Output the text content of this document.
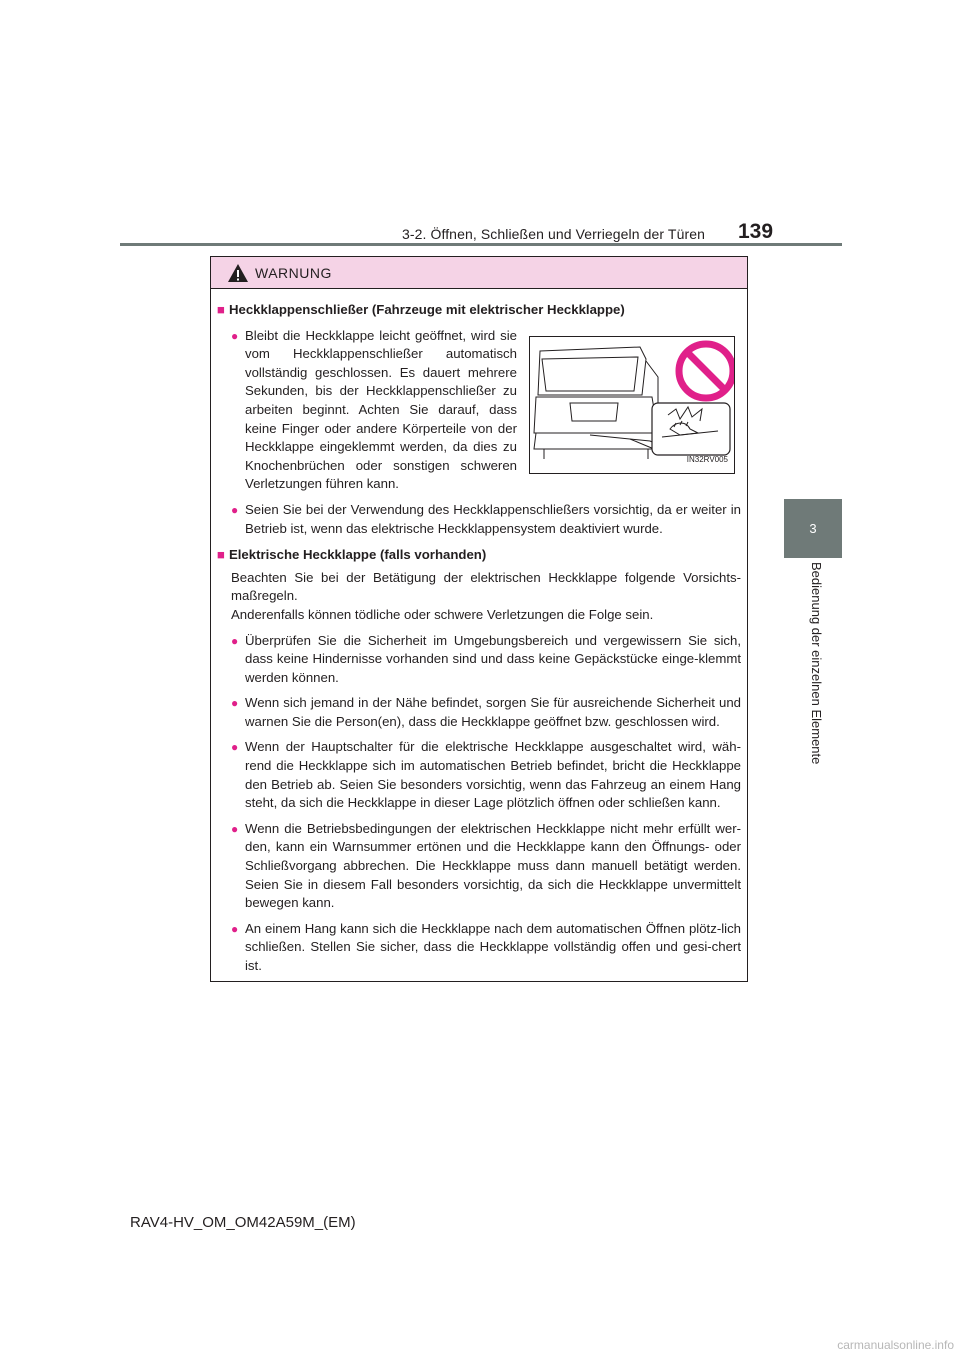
3-2. Öffnen, Schließen und Verriegeln der Türen 139
3
Bedienung der einzelnen Elemente
WARNUNG
■ Heckklappenschließer (Fahrzeuge mit elektrischer Heckklappe)
● Bleibt die Heckklappe leicht geöffnet, wird sie vom Heckklappenschließer automatisch vollständig geschlossen. Es dauert mehrere Sekunden, bis der Heckklappenschließer zu arbeiten beginnt. Achten Sie darauf, dass keine Finger oder andere Körperteile von der Heckklappe eingeklemmt werden, da dies zu Knochenbrüchen oder sonstigen schweren Verletzungen führen kann.
IN32RV005
● Seien Sie bei der Verwendung des Heckklappenschließers vorsichtig, da er weiter in Betrieb ist, wenn das elektrische Heckklappensystem deaktiviert wurde.
■ Elektrische Heckklappe (falls vorhanden)
Beachten Sie bei der Betätigung der elektrischen Heckklappe folgende Vorsichts-maßregeln.
Anderenfalls können tödliche oder schwere Verletzungen die Folge sein.
● Überprüfen Sie die Sicherheit im Umgebungsbereich und vergewissern Sie sich, dass keine Hindernisse vorhanden sind und dass keine Gepäckstücke einge-klemmt werden können.
● Wenn sich jemand in der Nähe befindet, sorgen Sie für ausreichende Sicherheit und warnen Sie die Person(en), dass die Heckklappe geöffnet bzw. geschlossen wird.
● Wenn der Hauptschalter für die elektrische Heckklappe ausgeschaltet wird, wäh-rend die Heckklappe sich im automatischen Betrieb befindet, bricht die Heckklappe den Betrieb ab. Seien Sie besonders vorsichtig, wenn das Fahrzeug an einem Hang steht, da sich die Heckklappe in dieser Lage plötzlich öffnen oder schließen kann.
● Wenn die Betriebsbedingungen der elektrischen Heckklappe nicht mehr erfüllt wer-den, kann ein Warnsummer ertönen und die Heckklappe kann den Öffnungs- oder Schließvorgang abbrechen. Die Heckklappe muss dann manuell betätigt werden. Seien Sie in diesem Fall besonders vorsichtig, da sich die Heckklappe unvermittelt bewegen kann.
● An einem Hang kann sich die Heckklappe nach dem automatischen Öffnen plötz-lich schließen. Stellen Sie sicher, dass die Heckklappe vollständig offen und gesi-chert ist.
RAV4-HV_OM_OM42A59M_(EM)
carmanualsonline.info
